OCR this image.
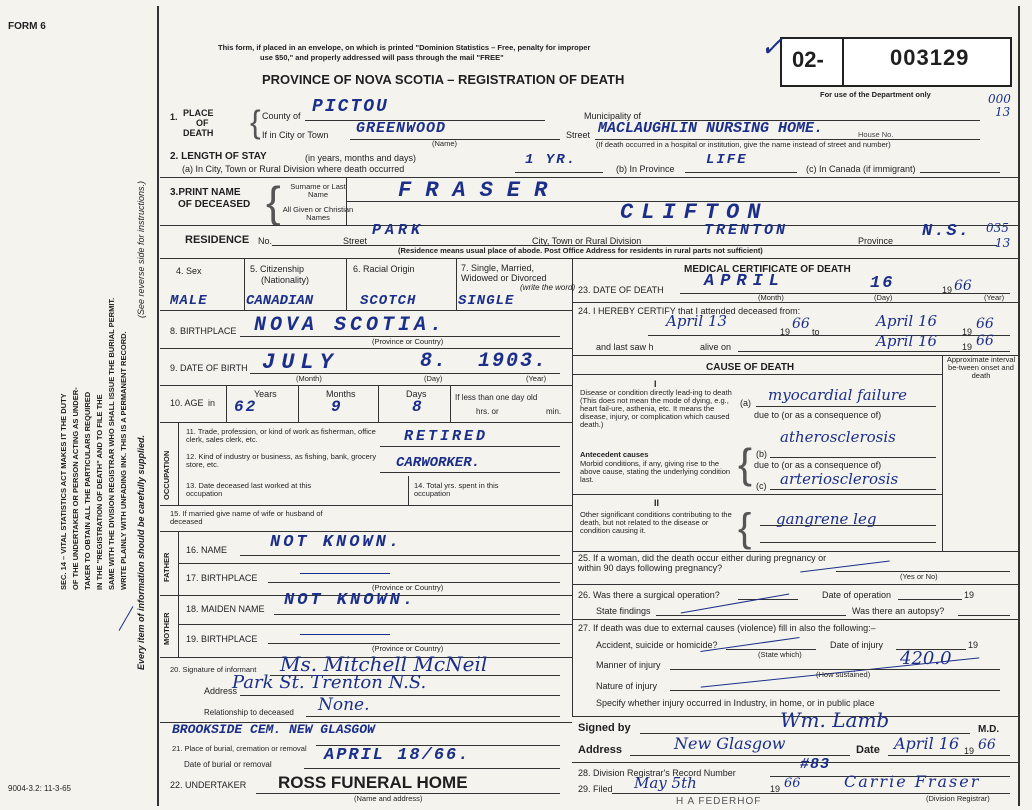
FORM 6
This form, if placed in an envelope, on which is printed "Dominion Statistics – Free, penalty for improper
use $50," and properly addressed will pass through the mail "FREE"
PROVINCE OF NOVA SCOTIA – REGISTRATION OF DEATH
02-	003129
✓
For use of the Department only	000
13
SEC. 14 – VITAL STATISTICS ACT MAKES IT THE DUTY OF THE UNDERTAKER OR PERSON ACTING AS UNDER- TAKER TO OBTAIN ALL THE PARTICULARS REQUIRED IN THE "REGISTRATION OF DEATH" AND TO FILE THE SAME WITH THE DIVISION REGISTRAR WHO SHALL ISSUE THE BURIAL PERMIT. WRITE PLAINLY WITH UNFADING INK. THIS IS A PERMANENT RECORD. Every item of information should be carefully supplied.
(See reverse side for instructions.)
1. PLACE
OF
DEATH { County of PICTOU	Municipality of
If in City or Town GREENWOOD
(Name)
Street MACLAUGHLIN NURSING HOME.	House No.
(If death occurred in a hospital or institution, give the name instead of street and number)
2. LENGTH OF STAY	(in years, months and days)
(a) In City, Town or Rural Division where death occurred
1 YR.
(b) In Province
LIFE
(c) In Canada (if immigrant)
3.PRINT NAME
OF DECEASED {	Surname or Last Name
All Given or Christian Names
FRASER
CLIFTON
RESIDENCE No.	Street
PARK
City, Town or Rural Division
TRENTON
Province N.S. 035
13
(Residence means usual place of abode. Post Office Address for residents in rural parts not sufficient)
4. Sex	5. Citizenship
(Nationality)
6. Racial Origin	7. Single, Married, Widowed or Divorced
(write the word)
MALE	CANADIAN	SCOTCH	SINGLE
8. BIRTHPLACE NOVA SCOTIA.
(Province or Country)
9. DATE OF BIRTH JULY	8. 1903.
(Month)	(Day)	(Year)
10. AGE in
Years	Months	Days
62	9	8
If less than one day old
hrs. or	min.
OCCUPATION
11. Trade, profession, or kind of work as fisherman, office clerk, sales clerk, etc.	RETIRED
12. Kind of industry or business, as fishing, bank, grocery store, etc.	CARWORKER.
13. Date deceased last worked at this occupation
14. Total yrs. spent in this occupation
15. If married give name of wife or husband of deceased
FATHER
16. NAME	NOT KNOWN.
17. BIRTHPLACE
(Province or Country)
MOTHER
18. MAIDEN NAME NOT KNOWN.
19. BIRTHPLACE
(Province or Country)
20. Signature of informant Ms. Mitchell McNeil
Address
Park St. Trenton N.S.
Relationship to deceased None.
BROOKSIDE CEM. NEW GLASGOW
21. Place of burial, cremation or removal
Date of burial or removal	APRIL 18/66.
22. UNDERTAKER ROSS FUNERAL HOME
(Name and address)
9004-3.2: 11-3-65
MEDICAL CERTIFICATE OF DEATH
23. DATE OF DEATH APRIL	16	19 66
(Month)	(Day)	(Year)
24. I HEREBY CERTIFY that I attended deceased from:
April 13
19 66 to
April 16
19 66
and last saw h	alive on	April 16	19 66
CAUSE OF DEATH
Approximate interval be-tween onset and death
I
Disease or condition directly lead-ing to death (This does not mean the mode of dying, e.g., heart fail-ure, asthenia, etc. It means the disease, injury, or complication which caused death.)
(a) myocardial failure
due to (or as a consequence of)
Antecedent causes
Morbid conditions, if any, giving rise to the above cause, stating the underlying condition last.	{ (b)
atherosclerosis
due to (or as a consequence of)
(c) arteriosclerosis
II
Other significant conditions contributing to the death, but not related to the disease or condition causing it.	{ gangrene leg
25. If a woman, did the death occur either during pregnancy or within 90 days following pregnancy?
(Yes or No)
26. Was there a surgical operation?	Date of operation	19
State findings	Was there an autopsy?
27. If death was due to external causes (violence) fill in also the following:–
Accident, suicide or homicide?
(State which)
Date of injury	19
Manner of injury	420.0
(How sustained)
Nature of injury
Specify whether injury occurred in Industry, in home, or in public place
Signed by	Wm. Lamb	M.D.
Address	New Glasgow	Date April 16 19 66
28. Division Registrar's Record Number	#83
29. Filed May 5th	19 66	Carrie Fraser
(Division Registrar)
H A FEDERHOF
